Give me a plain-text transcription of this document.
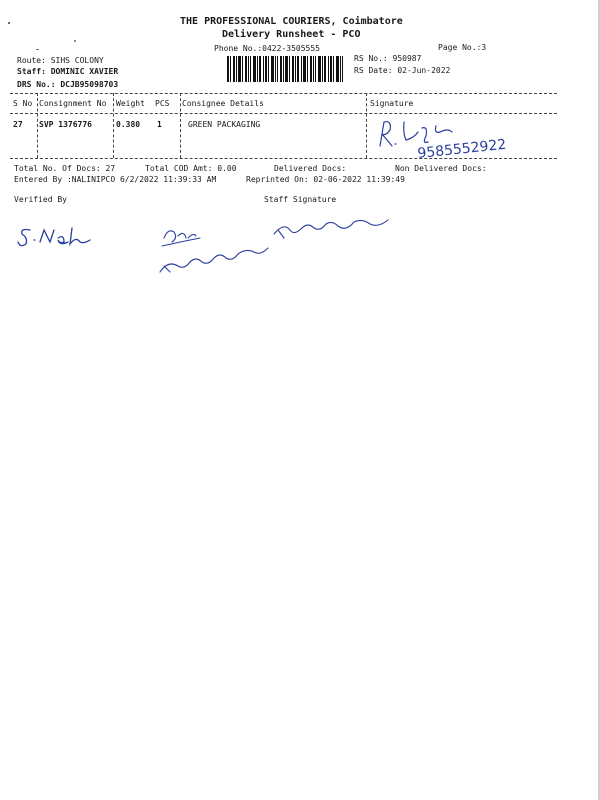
THE PROFESSIONAL COURIERS, Coimbatore
Delivery Runsheet - PCO
Phone No.:0422-3505555	Page No.:3
Route: SIHS COLONY
Staff: DOMINIC XAVIER
DRS No.: DCJB95098703
RS No.: 950987
RS Date: 02-Jun-2022
S No Consignment No Weight PCS Consignee Details	Signature
27 SVP 1376776	0.380 1	GREEN PACKAGING
9585552922
Total No. Of Docs: 27	Total COD Amt: 0.00	Delivered Docs:	Non Delivered Docs:
Entered By :NALINIPCO 6/2/2022 11:39:33 AM	Reprinted On: 02-06-2022 11:39:49
Verified By	Staff Signature
